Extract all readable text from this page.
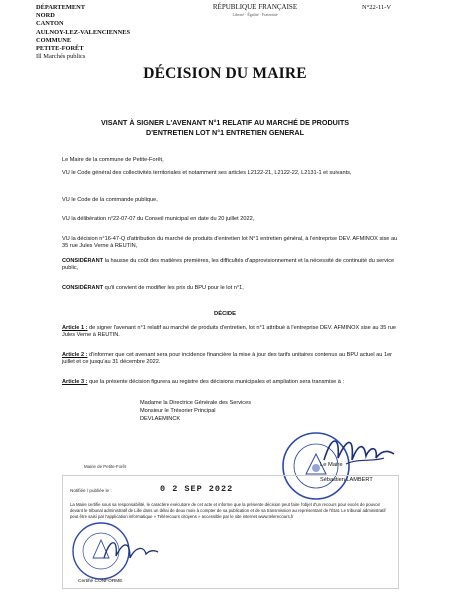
DÉPARTEMENT
NORD
CANTON
AULNOY-LEZ-VALENCIENNES
COMMUNE
PETITE-FORÊT
Ill Marchés publics
RÉPUBLIQUE FRANÇAISE
Liberté · Égalité · Fraternité
N°22-11-V
DÉCISION DU MAIRE
VISANT À SIGNER L'AVENANT N°1 RELATIF AU MARCHÉ DE PRODUITS
D'ENTRETIEN LOT N°1 ENTRETIEN GENERAL
Le Maire de la commune de Petite-Forêt,
VU le Code général des collectivités territoriales et notamment ses articles L2122-21, L2122-22, L2131-1 et suivants,
VU le Code de la commande publique,
VU la délibération n°22-07-07 du Conseil municipal en date du 20 juillet 2022,
VU la décision n°16-47-Q d'attribution du marché de produits d'entretien lot N°1 entretien général, à l'entreprise DEV. AFMINOX sise au 35 rue Jules Verne à REUTIN,
CONSIDÉRANT la hausse du coût des matières premières, les difficultés d'approvisionnement et la nécessité de continuité du service public,
CONSIDÉRANT qu'il convient de modifier les prix du BPU pour le lot n°1,
DÉCIDE
Article 1 : de signer l'avenant n°1 relatif au marché de produits d'entretien, lot n°1 attribué à l'entreprise DEV. AFMINOX sise au 35 rue Jules Verne à REUTIN.
Article 2 : d'informer que cet avenant sera pour incidence financière la mise à jour des tarifs unitaires contenus au BPU actuel au 1er juillet et ce jusqu'au 31 décembre 2022.
Article 3 : que la présente décision figurera au registre des décisions municipales et ampliation sera transmise à :
Madame la Directrice Générale des Services
Monsieur le Trésorier Principal
DEVLAEMINCK
Le Maire
Sébastien LAMBERT
Mairie de Petite-Forêt
Notifiée / publiée le :	0 2 SEP 2022
La Maire certifie sous sa responsabilité, le caractère exécutoire de cet acte et informe que la présente décision peut faire l'objet d'un recours pour excès de pouvoir devant le tribunal administratif de Lille dans un délai de deux mois à compter de sa publication et de sa transmission au représentant de l'État. Le tribunal administratif peut être saisi par l'application informatique « Télérecours citoyens » accessible par le site internet www.telerecours.fr
Certifié CONFORME
